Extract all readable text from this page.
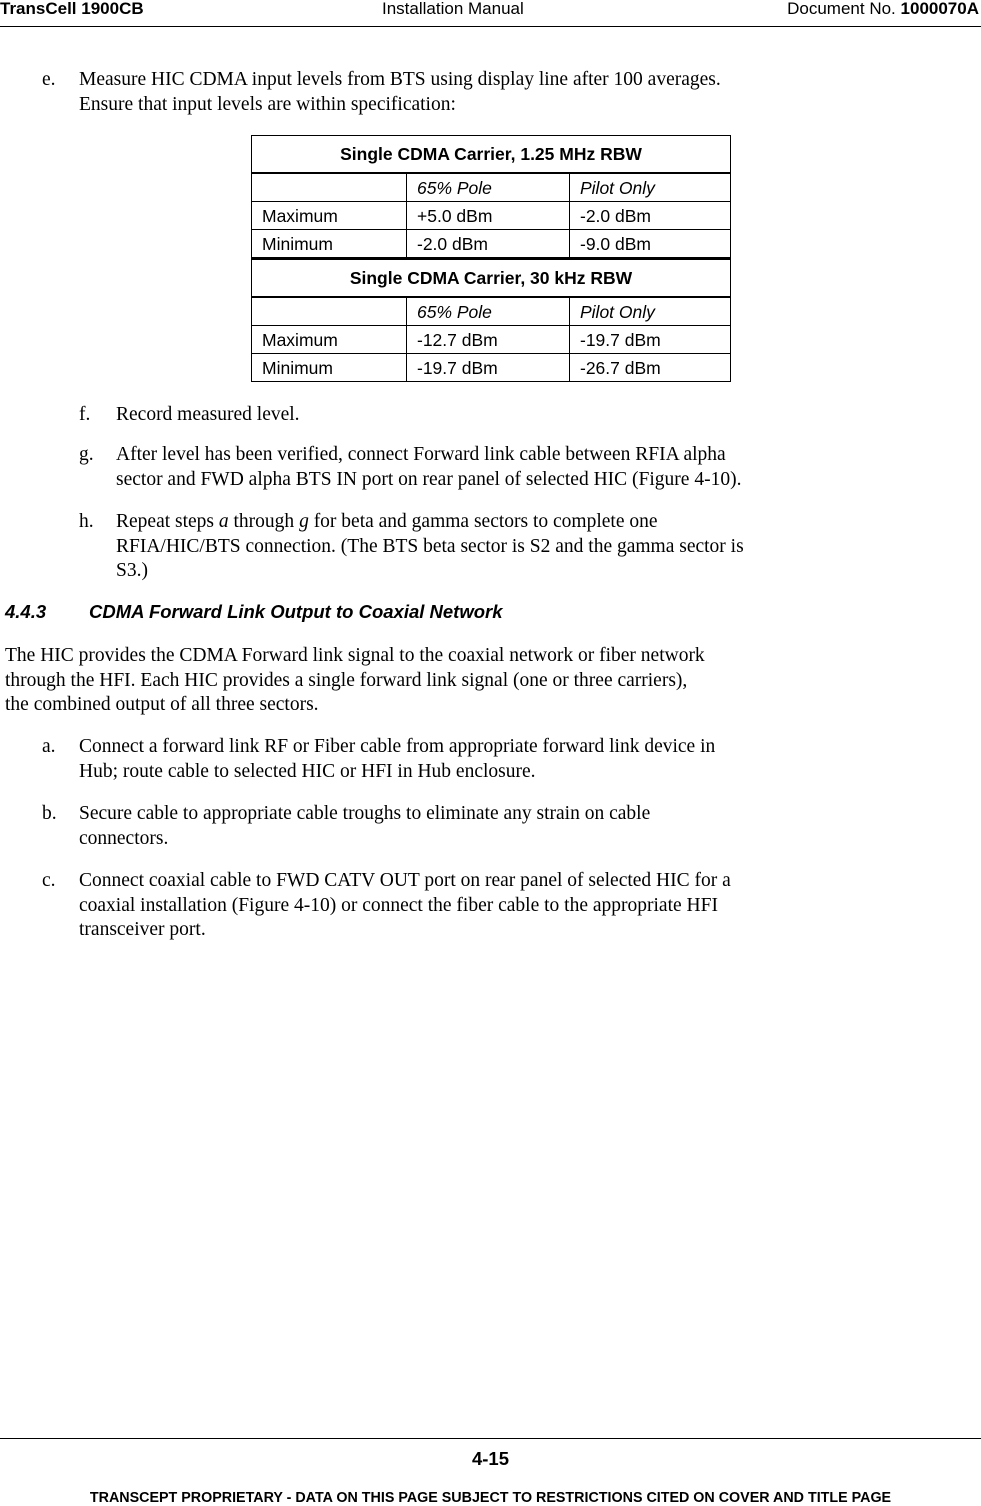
TransCell 1900CB	Installation Manual	Document No. 1000070A
e. Measure HIC CDMA input levels from BTS using display line after 100 averages.
Ensure that input levels are within specification:
Single CDMA Carrier, 1.25 MHz RBW		
	65% Pole	Pilot Only
Maximum	+5.0 dBm	-2.0 dBm
Minimum	-2.0 dBm	-9.0 dBm
Single CDMA Carrier, 30 kHz RBW		
	65% Pole	Pilot Only
Maximum	-12.7 dBm	-19.7 dBm
Minimum	-19.7 dBm	-26.7 dBm
f. Record measured level.
g. After level has been verified, connect Forward link cable between RFIA alpha
sector and FWD alpha BTS IN port on rear panel of selected HIC (Figure 4-10).
h. Repeat steps a through g for beta and gamma sectors to complete one
RFIA/HIC/BTS connection. (The BTS beta sector is S2 and the gamma sector is
S3.)
4.4.3 CDMA Forward Link Output to Coaxial Network
The HIC provides the CDMA Forward link signal to the coaxial network or fiber network
through the HFI. Each HIC provides a single forward link signal (one or three carriers),
the combined output of all three sectors.
a. Connect a forward link RF or Fiber cable from appropriate forward link device in
Hub; route cable to selected HIC or HFI in Hub enclosure.
b. Secure cable to appropriate cable troughs to eliminate any strain on cable
connectors.
c. Connect coaxial cable to FWD CATV OUT port on rear panel of selected HIC for a
coaxial installation (Figure 4-10) or connect the fiber cable to the appropriate HFI
transceiver port.
4-15
TRANSCEPT PROPRIETARY - DATA ON THIS PAGE SUBJECT TO RESTRICTIONS CITED ON COVER AND TITLE PAGE
